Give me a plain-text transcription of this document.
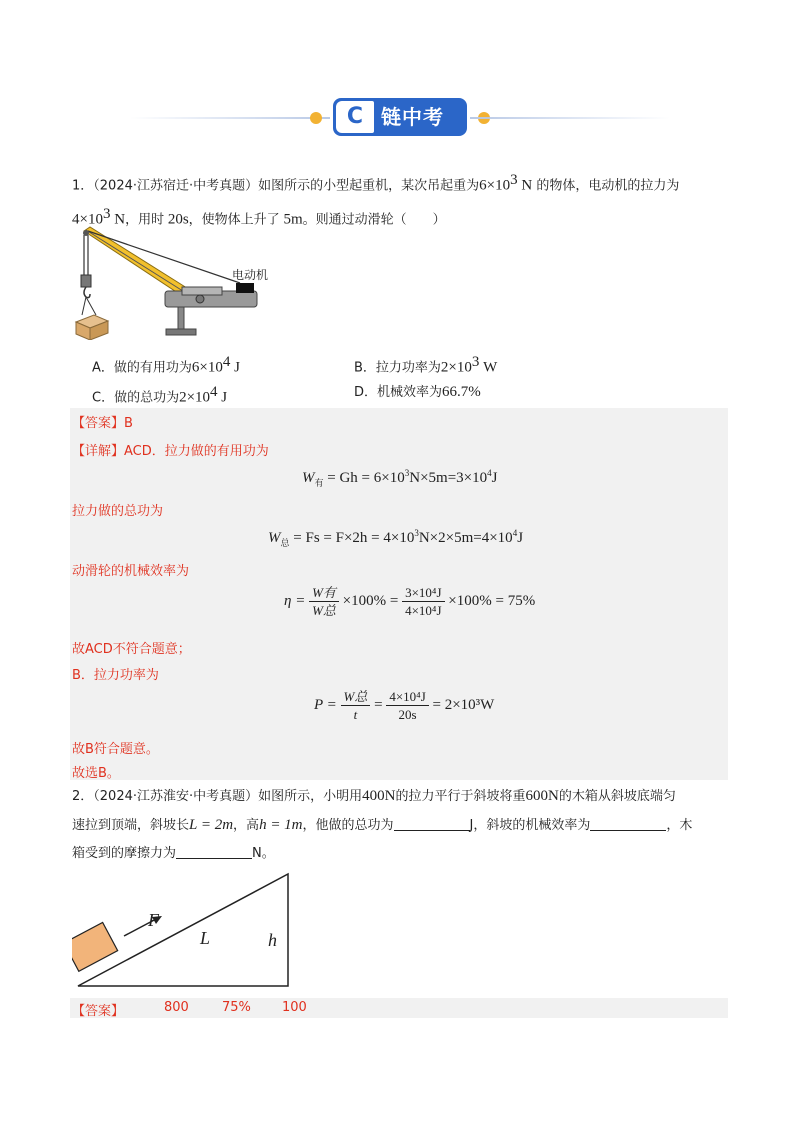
C 链中考
1．（2024·江苏宿迁·中考真题）如图所示的小型起重机，某次吊起重为$6\times 10^3$ N 的物体，电动机的拉力为
$4\times 10^3$ N，用时 20s，使物体上升了 5m。则通过动滑轮（　　）
电动机
A．做的有用功为$6\times 10^4$ J	B．拉力功率为$2\times 10^3$ W
C．做的总功为$2\times 10^4$ J	D．机械效率为66.7%
【答案】B
【详解】ACD．拉力做的有用功为
$W_有 = Gh = 6\times 10^3N\times 5m=3\times 10^4J$
拉力做的总功为
$W_总 = Fs = F\times 2h = 4\times 10^3N\times 2\times 5m=4\times 10^4J$
动滑轮的机械效率为
$\eta = \frac{\text{W有}}{\text{W总}} \times 100\% = \frac{\text{3×10⁴J}}{\text{4×10⁴J}} \times 100\% = 75\%$
故ACD不符合题意；
B．拉力功率为
$P = \frac{\text{W总}}{t} = \frac{\text{4×10⁴J}}{20s} = 2\times 10^3W$
故B符合题意。
故选B。
2．（2024·江苏淮安·中考真题）如图所示，小明用400N的拉力平行于斜坡将重600N的木箱从斜坡底端匀
速拉到顶端，斜坡长L = 2m，高h = 1m，他做的总功为	J，斜坡的机械效率为	，木
箱受到的摩擦力为	N。
F
L	h
【答案】	800	75% 100
